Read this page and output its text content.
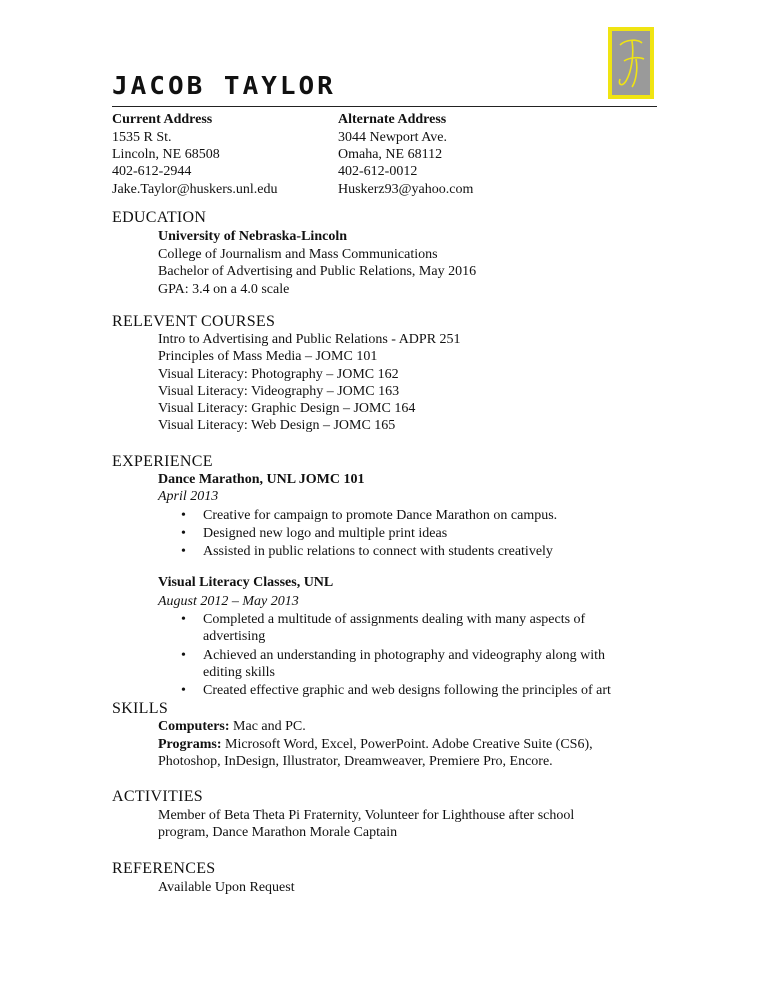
JACOB TAYLOR
Current Address
1535 R St.
Lincoln, NE 68508
402-612-2944
Jake.Taylor@huskers.unl.edu
Alternate Address
3044 Newport Ave.
Omaha, NE 68112
402-612-0012
Huskerz93@yahoo.com
EDUCATION
University of Nebraska-Lincoln
College of Journalism and Mass Communications
Bachelor of Advertising and Public Relations, May 2016
GPA: 3.4 on a 4.0 scale
RELEVENT COURSES
Intro to Advertising and Public Relations - ADPR 251
Principles of Mass Media – JOMC 101
Visual Literacy: Photography – JOMC 162
Visual Literacy: Videography – JOMC 163
Visual Literacy: Graphic Design – JOMC 164
Visual Literacy: Web Design – JOMC 165
EXPERIENCE
Dance Marathon, UNL JOMC 101
April 2013
• Creative for campaign to promote Dance Marathon on campus.
• Designed new logo and multiple print ideas
• Assisted in public relations to connect with students creatively
Visual Literacy Classes, UNL
August 2012 – May 2013
• Completed a multitude of assignments dealing with many aspects of advertising
• Achieved an understanding in photography and videography along with editing skills
• Created effective graphic and web designs following the principles of art
SKILLS
Computers: Mac and PC.
Programs: Microsoft Word, Excel, PowerPoint. Adobe Creative Suite (CS6),
Photoshop, InDesign, Illustrator, Dreamweaver, Premiere Pro, Encore.
ACTIVITIES
Member of Beta Theta Pi Fraternity, Volunteer for Lighthouse after school
program, Dance Marathon Morale Captain
REFERENCES
Available Upon Request
